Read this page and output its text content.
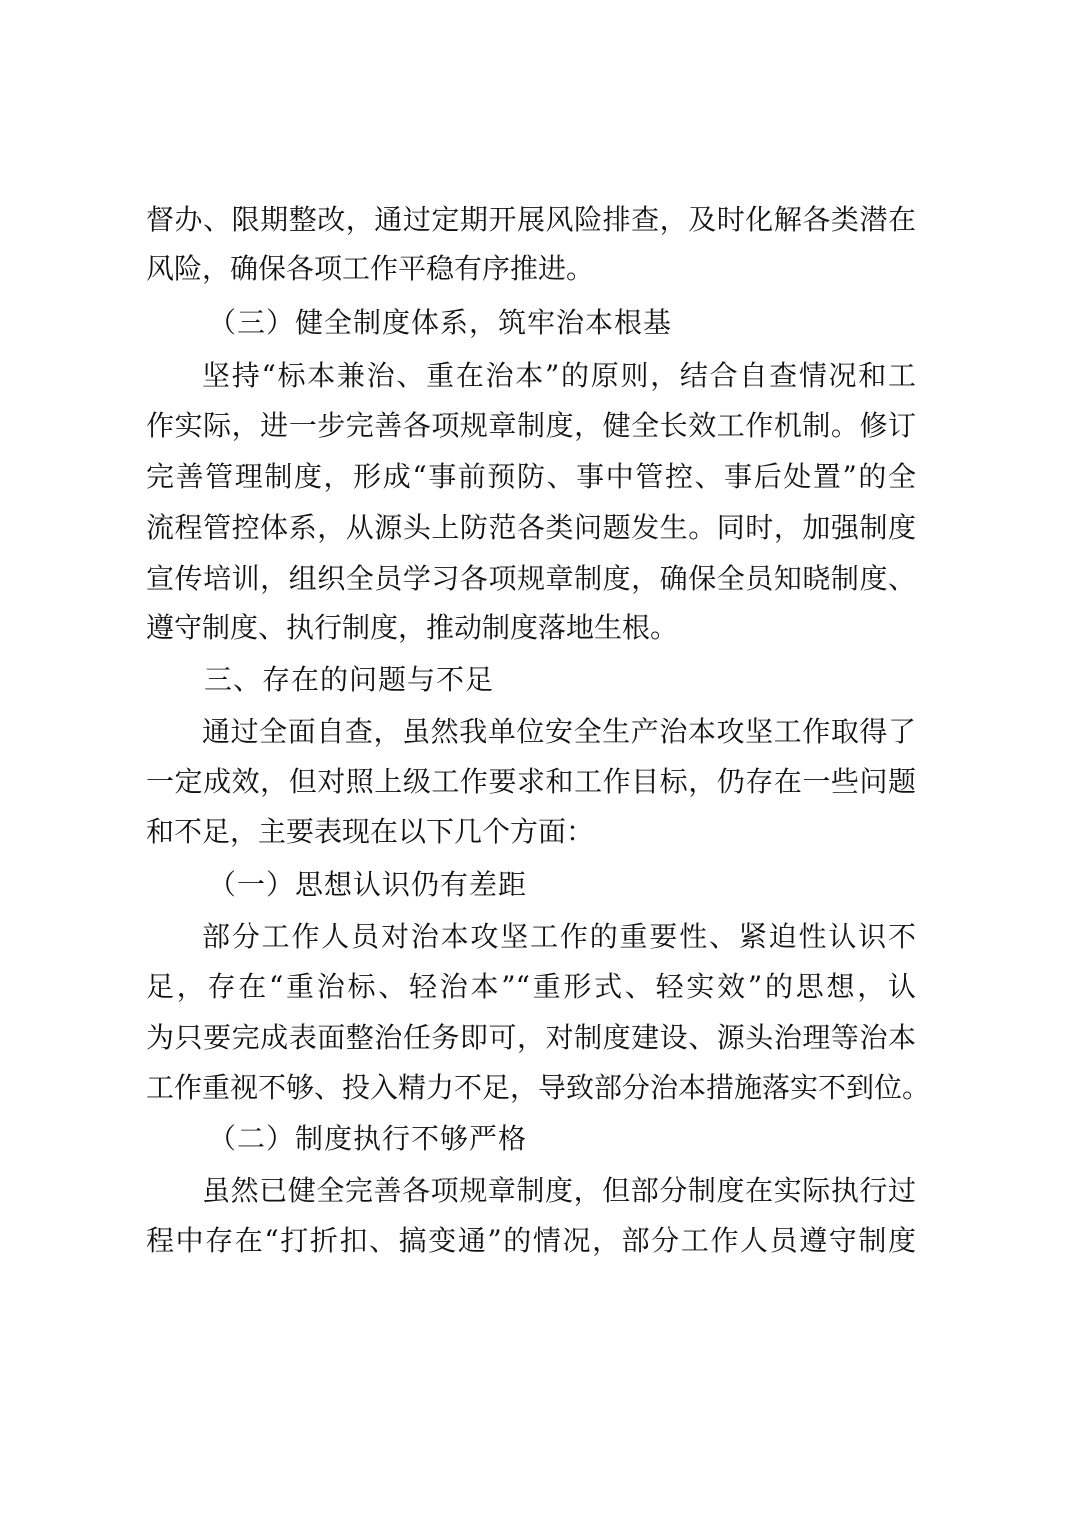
督办、限期整改，通过定期开展风险排查，及时化解各类潜在
风险，确保各项工作平稳有序推进。
（三）健全制度体系，筑牢治本根基
坚持“标本兼治、重在治本”的原则，结合自查情况和工
作实际，进一步完善各项规章制度，健全长效工作机制。修订
完善管理制度，形成“事前预防、事中管控、事后处置”的全
流程管控体系，从源头上防范各类问题发生。同时，加强制度
宣传培训，组织全员学习各项规章制度，确保全员知晓制度、
遵守制度、执行制度，推动制度落地生根。
三、存在的问题与不足
通过全面自查，虽然我单位安全生产治本攻坚工作取得了
一定成效，但对照上级工作要求和工作目标，仍存在一些问题
和不足，主要表现在以下几个方面：
（一）思想认识仍有差距
部分工作人员对治本攻坚工作的重要性、紧迫性认识不
足，存在“重治标、轻治本”“重形式、轻实效”的思想，认
为只要完成表面整治任务即可，对制度建设、源头治理等治本
工作重视不够、投入精力不足，导致部分治本措施落实不到位。
（二）制度执行不够严格
虽然已健全完善各项规章制度，但部分制度在实际执行过
程中存在“打折扣、搞变通”的情况，部分工作人员遵守制度
